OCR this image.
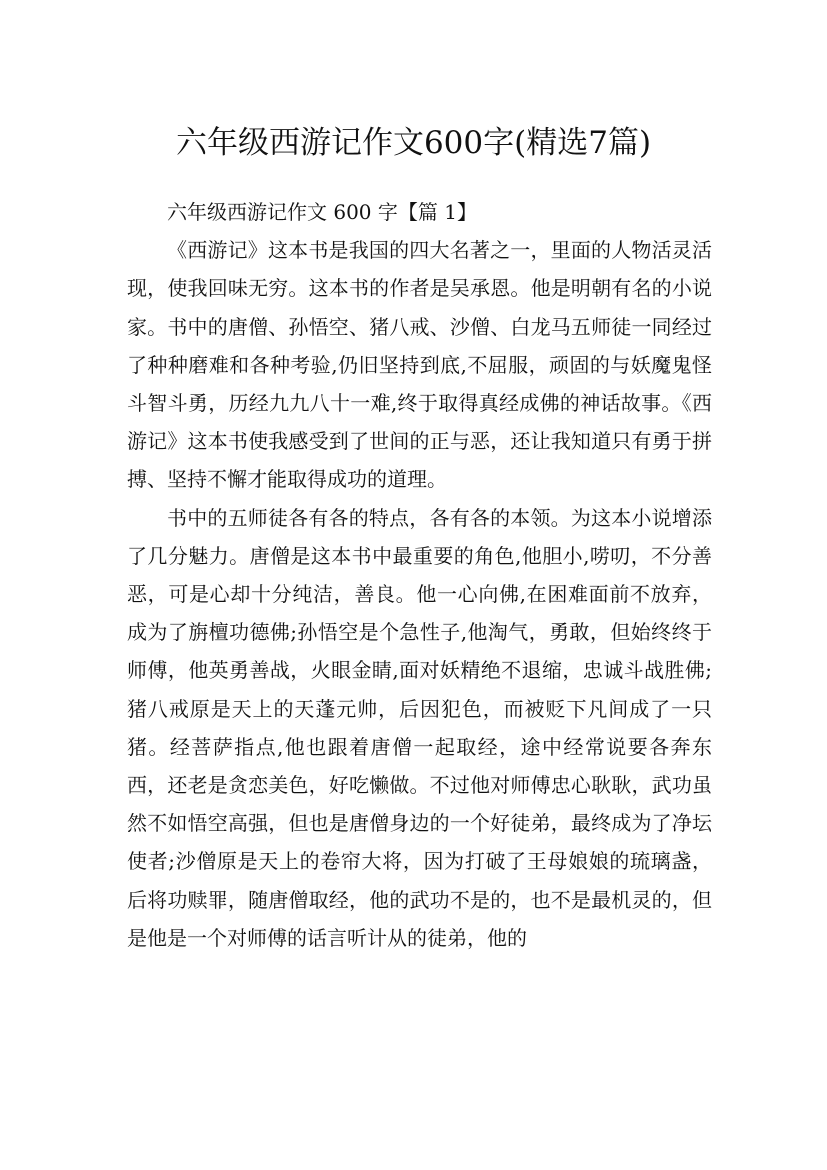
六年级西游记作文600字(精选7篇)

六年级西游记作文 600 字【篇 1】

《西游记》这本书是我国的四大名著之一，里面的人物活灵活现，使我回味无穷。这本书的作者是吴承恩。他是明朝有名的小说家。书中的唐僧、孙悟空、猪八戒、沙僧、白龙马五师徒一同经过了种种磨难和各种考验,仍旧坚持到底,不屈服，顽固的与妖魔鬼怪斗智斗勇，历经九九八十一难,终于取得真经成佛的神话故事。《西游记》这本书使我感受到了世间的正与恶，还让我知道只有勇于拼搏、坚持不懈才能取得成功的道理。

书中的五师徒各有各的特点，各有各的本领。为这本小说增添了几分魅力。唐僧是这本书中最重要的角色,他胆小,唠叨，不分善恶，可是心却十分纯洁，善良。他一心向佛,在困难面前不放弃，成为了旃檀功德佛;孙悟空是个急性子,他淘气，勇敢，但始终终于师傅，他英勇善战，火眼金睛,面对妖精绝不退缩，忠诚斗战胜佛;猪八戒原是天上的天蓬元帅，后因犯色，而被贬下凡间成了一只猪。经菩萨指点,他也跟着唐僧一起取经，途中经常说要各奔东西，还老是贪恋美色，好吃懒做。不过他对师傅忠心耿耿，武功虽然不如悟空高强，但也是唐僧身边的一个好徒弟，最终成为了净坛使者;沙僧原是天上的卷帘大将，因为打破了王母娘娘的琉璃盏，后将功赎罪，随唐僧取经，他的武功不是的，也不是最机灵的，但是他是一个对师傅的话言听计从的徒弟，他的
